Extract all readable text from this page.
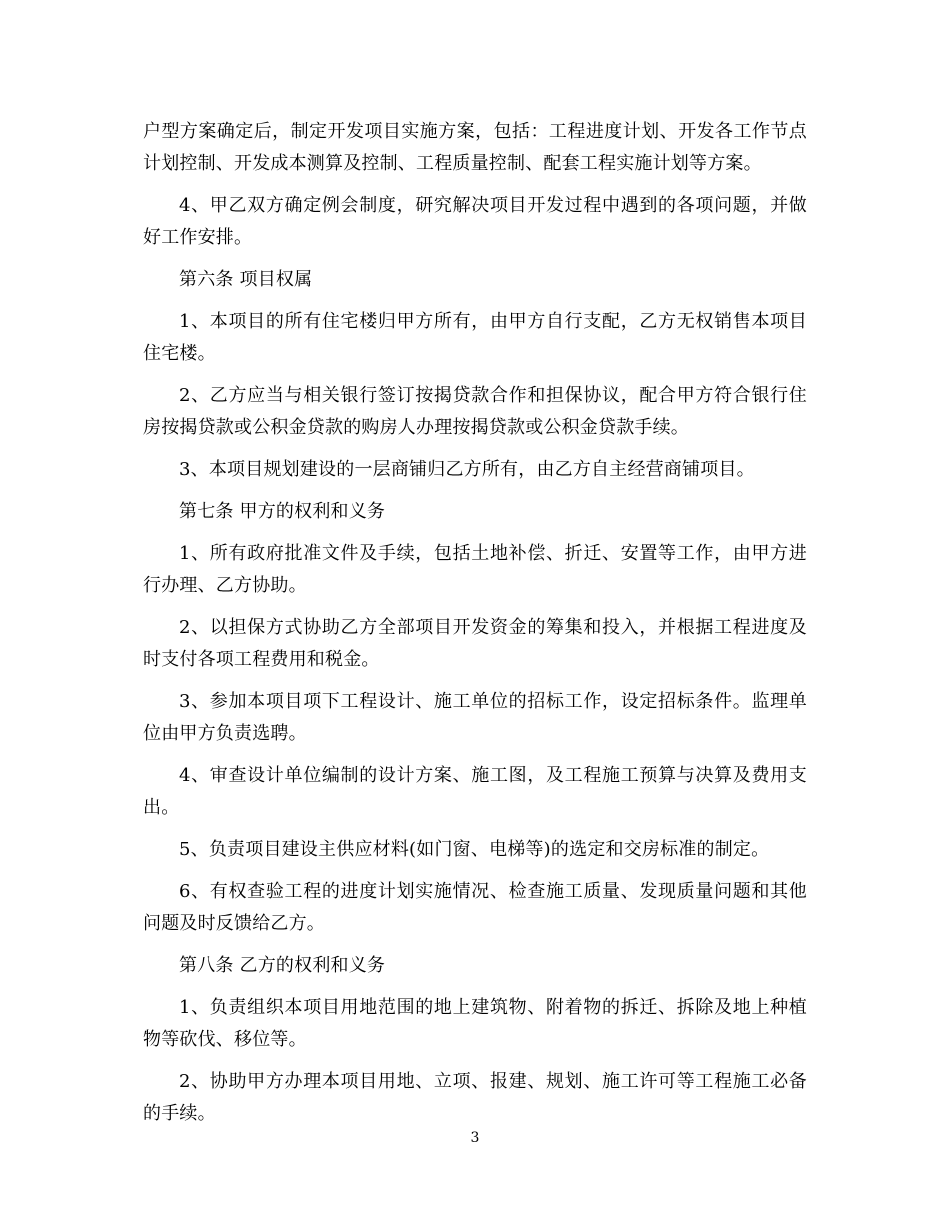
户型方案确定后，制定开发项目实施方案，包括：工程进度计划、开发各工作节点计划控制、开发成本测算及控制、工程质量控制、配套工程实施计划等方案。

4、甲乙双方确定例会制度，研究解决项目开发过程中遇到的各项问题，并做好工作安排。

第六条 项目权属

1、本项目的所有住宅楼归甲方所有，由甲方自行支配，乙方无权销售本项目住宅楼。

2、乙方应当与相关银行签订按揭贷款合作和担保协议，配合甲方符合银行住房按揭贷款或公积金贷款的购房人办理按揭贷款或公积金贷款手续。

3、本项目规划建设的一层商铺归乙方所有，由乙方自主经营商铺项目。

第七条 甲方的权利和义务

1、所有政府批准文件及手续，包括土地补偿、折迁、安置等工作，由甲方进行办理、乙方协助。

2、以担保方式协助乙方全部项目开发资金的筹集和投入，并根据工程进度及时支付各项工程费用和税金。

3、参加本项目项下工程设计、施工单位的招标工作，设定招标条件。监理单位由甲方负责选聘。

4、审查设计单位编制的设计方案、施工图，及工程施工预算与决算及费用支出。

5、负责项目建设主供应材料(如门窗、电梯等)的选定和交房标准的制定。

6、有权查验工程的进度计划实施情况、检查施工质量、发现质量问题和其他问题及时反馈给乙方。

第八条 乙方的权利和义务

1、负责组织本项目用地范围的地上建筑物、附着物的拆迁、拆除及地上种植物等砍伐、移位等。

2、协助甲方办理本项目用地、立项、报建、规划、施工许可等工程施工必备的手续。

3
